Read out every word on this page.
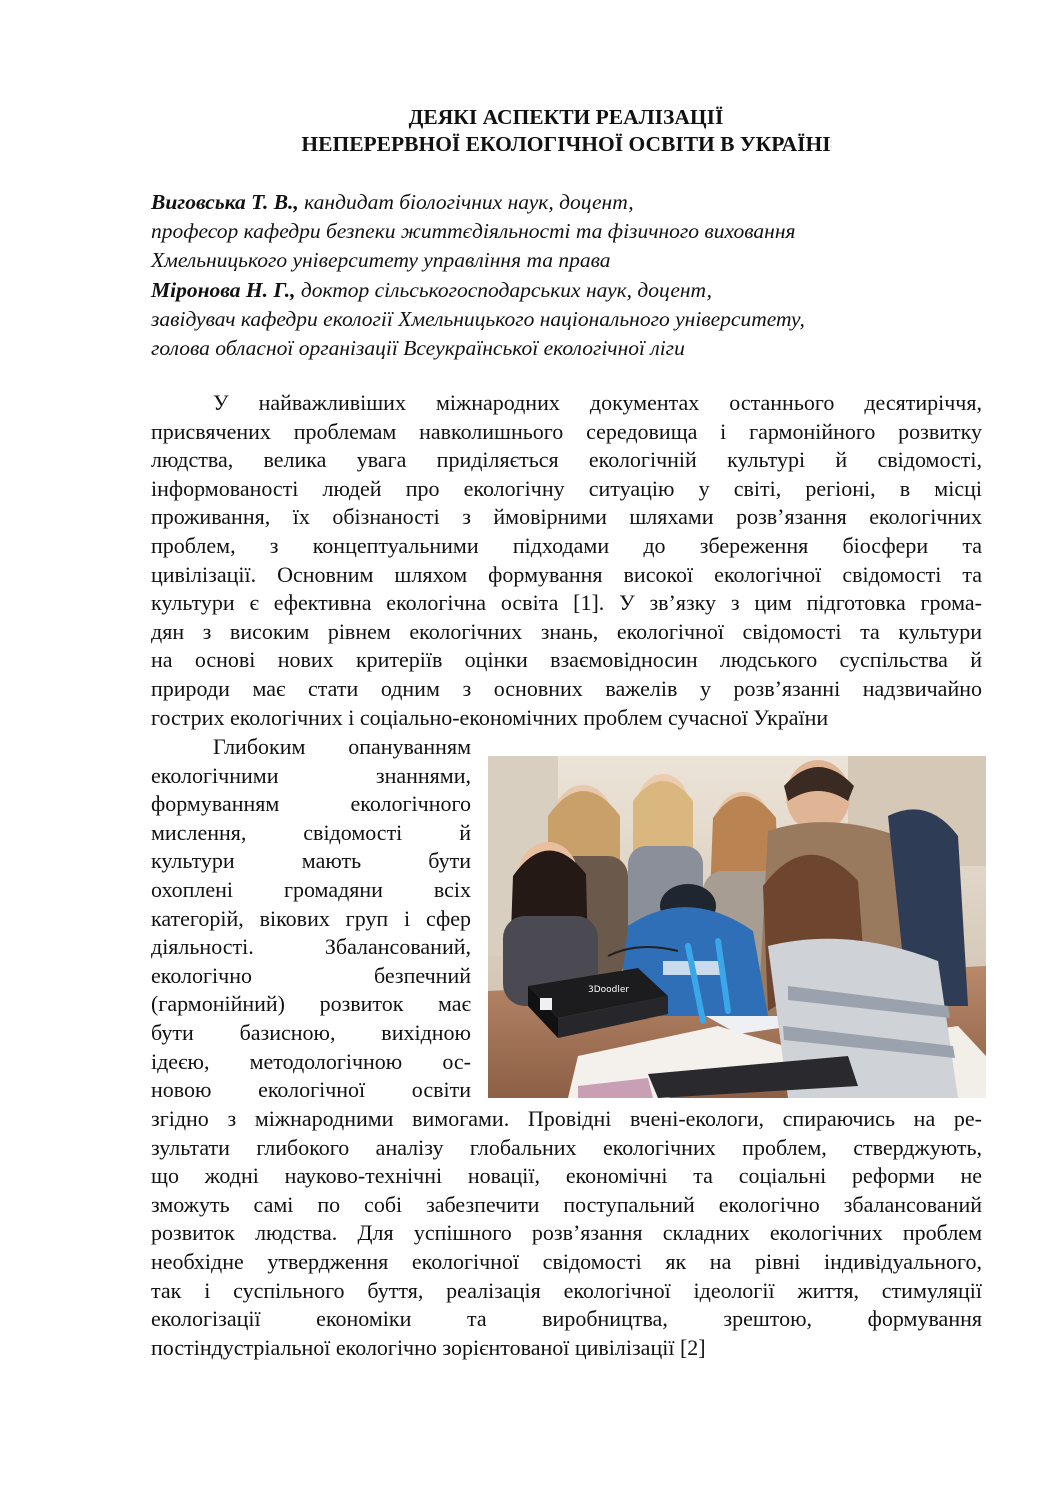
ДЕЯКІ АСПЕКТИ РЕАЛІЗАЦІЇ
НЕПЕРЕРВНОЇ ЕКОЛОГІЧНОЇ ОСВІТИ В УКРАЇНІ
Виговська Т. В., кандидат біологічних наук, доцент,
професор кафедри безпеки життєдіяльності та фізичного виховання
Хмельницького університету управління та права
Міронова Н. Г., доктор сільськогосподарських наук, доцент,
завідувач кафедри екології Хмельницького національного університету,
голова обласної організації Всеукраїнської екологічної ліги
У найважливіших міжнародних документах останнього десятиріччя,
присвячених проблемам навколишнього середовища і гармонійного розвитку
людства, велика увага приділяється екологічній культурі й свідомості,
інформованості людей про екологічну ситуацію у світі, регіоні, в місці
проживання, їх обізнаності з ймовірними шляхами розв’язання екологічних
проблем, з концептуальними підходами до збереження біосфери та
цивілізації. Основним шляхом формування високої екологічної свідомості та
культури є ефективна екологічна освіта [1]. У зв’язку з цим підготовка грома-
дян з високим рівнем екологічних знань, екологічної свідомості та культури
на основі нових критеріїв оцінки взаємовідносин людського суспільства й
природи має стати одним з основних важелів у розв’язанні надзвичайно
гострих екологічних і соціально-економічних проблем сучасної України
Глибоким опануванням
екологічними знаннями,
формуванням екологічного
мислення, свідомості й
культури мають бути
охоплені громадяни всіх
категорій, вікових груп і сфер
діяльності. Збалансований,
екологічно безпечний
(гармонійний) розвиток має
бути базисною, вихідною
ідеєю, методологічною ос-
новою екологічної освіти
3Doodler
згідно з міжнародними вимогами. Провідні вчені-екологи, спираючись на ре-
зультати глибокого аналізу глобальних екологічних проблем, стверджують,
що жодні науково-технічні новації, економічні та соціальні реформи не
зможуть самі по собі забезпечити поступальний екологічно збалансований
розвиток людства. Для успішного розв’язання складних екологічних проблем
необхідне утвердження екологічної свідомості як на рівні індивідуального,
так і суспільного буття, реалізація екологічної ідеології життя, стимуляції
екологізації економіки та виробництва, зрештою, формування
постіндустріальної екологічно зорієнтованої цивілізації [2]
